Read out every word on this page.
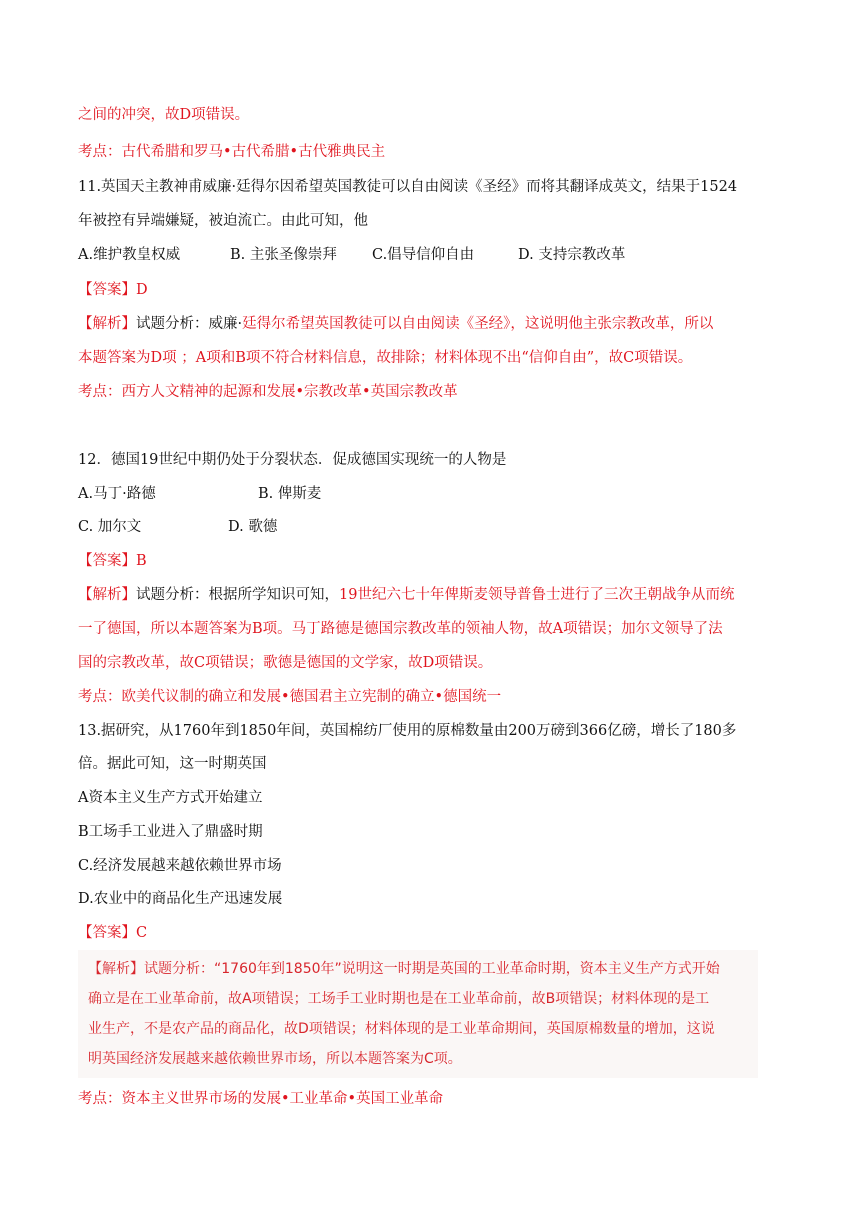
之间的冲突，故D项错误。
考点：古代希腊和罗马•古代希腊•古代雅典民主
11.英国天主教神甫威廉·廷得尔因希望英国教徒可以自由阅读《圣经》而将其翻译成英文，结果于1524
年被控有异端嫌疑，被迫流亡。由此可知，他
A.维护教皇权威	B. 主张圣像崇拜 C.倡导信仰自由	D. 支持宗教改革
【答案】D
【解析】试题分析：威廉·廷得尔希望英国教徒可以自由阅读《圣经》，这说明他主张宗教改革，所以
本题答案为D项 ；A项和B项不符合材料信息，故排除；材料体现不出“信仰自由”，故C项错误。
考点：西方人文精神的起源和发展•宗教改革•英国宗教改革
12．德国19世纪中期仍处于分裂状态．促成德国实现统一的人物是
A.马丁·路德	B. 俾斯麦
C. 加尔文	D. 歌德
【答案】B
【解析】试题分析：根据所学知识可知，19世纪六七十年俾斯麦领导普鲁士进行了三次王朝战争从而统
一了德国，所以本题答案为B项。马丁路德是德国宗教改革的领袖人物，故A项错误；加尔文领导了法
国的宗教改革，故C项错误；歌德是德国的文学家，故D项错误。
考点：欧美代议制的确立和发展•德国君主立宪制的确立•德国统一
13.据研究，从1760年到1850年间，英国棉纺厂使用的原棉数量由200万磅到366亿磅，增长了180多
倍。据此可知，这一时期英国
A资本主义生产方式开始建立
B工场手工业进入了鼎盛时期
C.经济发展越来越依赖世界市场
D.农业中的商品化生产迅速发展
【答案】C
【解析】试题分析：“1760年到1850年”说明这一时期是英国的工业革命时期，资本主义生产方式开始
确立是在工业革命前，故A项错误；工场手工业时期也是在工业革命前，故B项错误；材料体现的是工
业生产，不是农产品的商品化，故D项错误；材料体现的是工业革命期间，英国原棉数量的增加，这说
明英国经济发展越来越依赖世界市场，所以本题答案为C项。
考点：资本主义世界市场的发展•工业革命•英国工业革命
